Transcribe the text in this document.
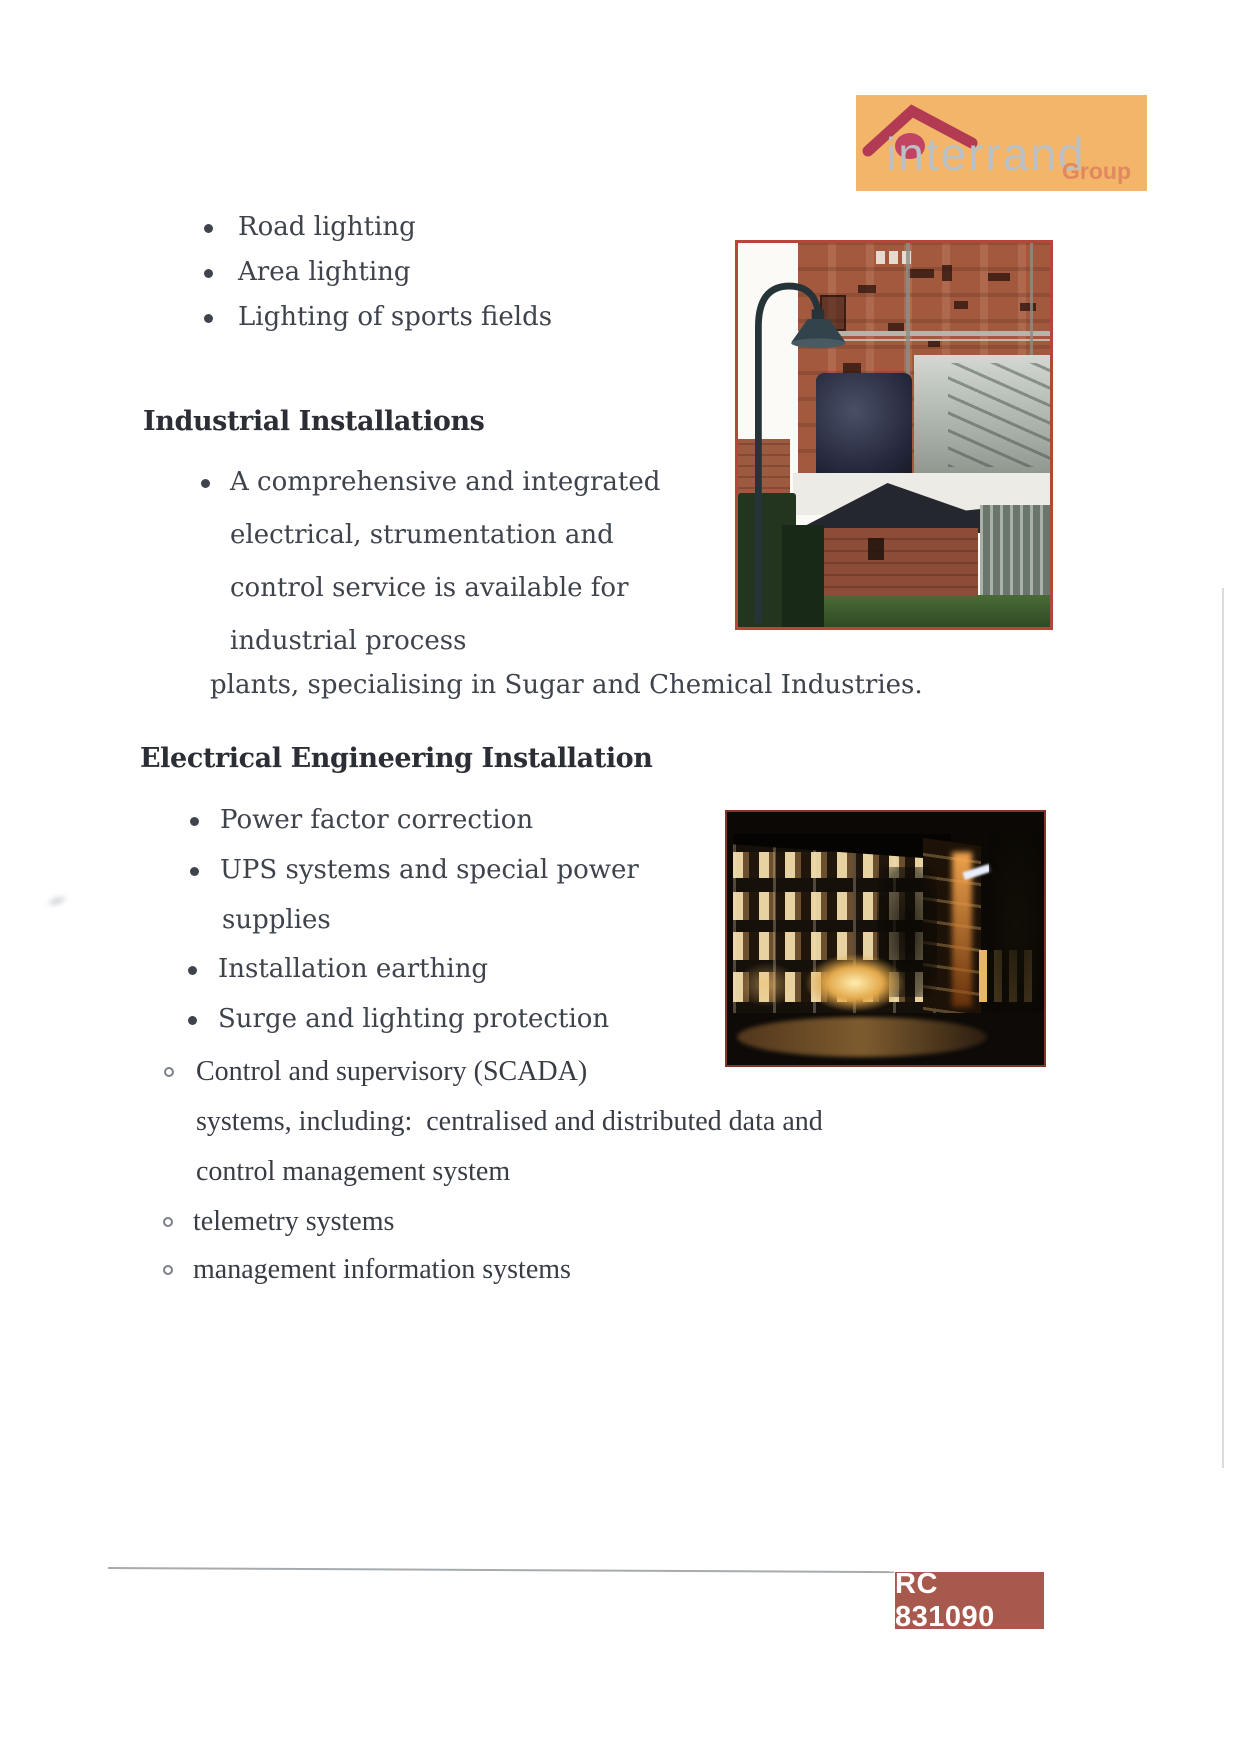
interrand
Group
Road lighting
Area lighting
Lighting of sports fields
Industrial Installations
A comprehensive and integrated
electrical, strumentation and
control service is available for
industrial process
plants, specialising in Sugar and Chemical Industries.
Electrical Engineering Installation
Power factor correction
UPS systems and special power
supplies
Installation earthing
Surge and lighting protection
Control and supervisory (SCADA)
systems, including:  centralised and distributed data and
control management system
telemetry systems
management information systems
RC 831090
